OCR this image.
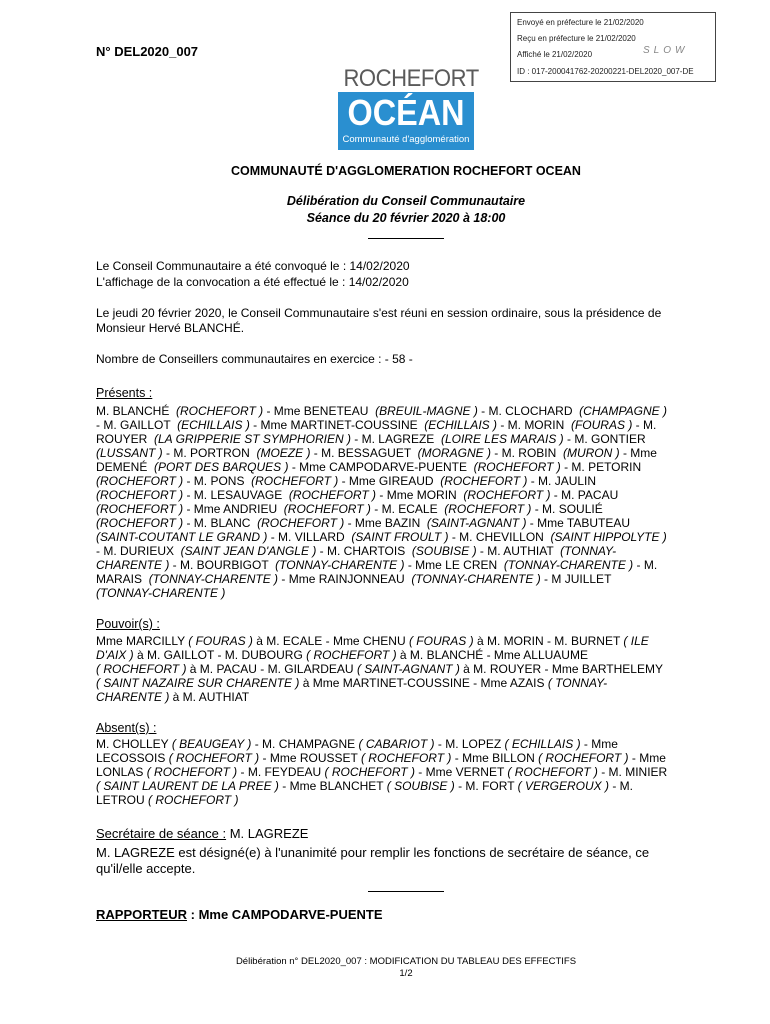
Envoyé en préfecture le 21/02/2020
Reçu en préfecture le 21/02/2020
Affiché le 21/02/2020
ID : 017-200041762-20200221-DEL2020_007-DE
SLOW
N° DEL2020_007
ROCHEFORT
OCÉAN
Communauté d'agglomération
COMMUNAUTÉ D'AGGLOMERATION ROCHEFORT OCEAN
Délibération du Conseil Communautaire
Séance du 20 février 2020 à 18:00
Le Conseil Communautaire a été convoqué le : 14/02/2020
L'affichage de la convocation a été effectué le : 14/02/2020
Le jeudi 20 février 2020, le Conseil Communautaire s'est réuni en session ordinaire, sous la présidence de
Monsieur Hervé BLANCHÉ.
Nombre de Conseillers communautaires en exercice : - 58 -
Présents :
M. BLANCHÉ  (ROCHEFORT ) - Mme BENETEAU  (BREUIL-MAGNE ) - M. CLOCHARD  (CHAMPAGNE )
- M. GAILLOT  (ECHILLAIS ) - Mme MARTINET-COUSSINE  (ECHILLAIS ) - M. MORIN  (FOURAS ) - M.
ROUYER  (LA GRIPPERIE ST SYMPHORIEN ) - M. LAGREZE  (LOIRE LES MARAIS ) - M. GONTIER
(LUSSANT ) - M. PORTRON  (MOEZE ) - M. BESSAGUET  (MORAGNE ) - M. ROBIN  (MURON ) - Mme
DEMENÉ  (PORT DES BARQUES ) - Mme CAMPODARVE-PUENTE  (ROCHEFORT ) - M. PETORIN
(ROCHEFORT ) - M. PONS  (ROCHEFORT ) - Mme GIREAUD  (ROCHEFORT ) - M. JAULIN
(ROCHEFORT ) - M. LESAUVAGE  (ROCHEFORT ) - Mme MORIN  (ROCHEFORT ) - M. PACAU
(ROCHEFORT ) - Mme ANDRIEU  (ROCHEFORT ) - M. ECALE  (ROCHEFORT ) - M. SOULIÉ
(ROCHEFORT ) - M. BLANC  (ROCHEFORT ) - Mme BAZIN  (SAINT-AGNANT ) - Mme TABUTEAU
(SAINT-COUTANT LE GRAND ) - M. VILLARD  (SAINT FROULT ) - M. CHEVILLON  (SAINT HIPPOLYTE )
- M. DURIEUX  (SAINT JEAN D'ANGLE ) - M. CHARTOIS  (SOUBISE ) - M. AUTHIAT  (TONNAY-
CHARENTE ) - M. BOURBIGOT  (TONNAY-CHARENTE ) - Mme LE CREN  (TONNAY-CHARENTE ) - M.
MARAIS  (TONNAY-CHARENTE ) - Mme RAINJONNEAU  (TONNAY-CHARENTE ) - M JUILLET
(TONNAY-CHARENTE )
Pouvoir(s) :
Mme MARCILLY ( FOURAS ) à M. ECALE - Mme CHENU ( FOURAS ) à M. MORIN - M. BURNET ( ILE
D'AIX ) à M. GAILLOT - M. DUBOURG ( ROCHEFORT ) à M. BLANCHÉ - Mme ALLUAUME
( ROCHEFORT ) à M. PACAU - M. GILARDEAU ( SAINT-AGNANT ) à M. ROUYER - Mme BARTHELEMY
( SAINT NAZAIRE SUR CHARENTE ) à Mme MARTINET-COUSSINE - Mme AZAIS ( TONNAY-
CHARENTE ) à M. AUTHIAT
Absent(s) :
M. CHOLLEY ( BEAUGEAY ) - M. CHAMPAGNE ( CABARIOT ) - M. LOPEZ ( ECHILLAIS ) - Mme
LECOSSOIS ( ROCHEFORT ) - Mme ROUSSET ( ROCHEFORT ) - Mme BILLON ( ROCHEFORT ) - Mme
LONLAS ( ROCHEFORT ) - M. FEYDEAU ( ROCHEFORT ) - Mme VERNET ( ROCHEFORT ) - M. MINIER
( SAINT LAURENT DE LA PREE ) - Mme BLANCHET ( SOUBISE ) - M. FORT ( VERGEROUX ) - M.
LETROU ( ROCHEFORT )
Secrétaire de séance : M. LAGREZE
M. LAGREZE est désigné(e) à l'unanimité pour remplir les fonctions de secrétaire de séance, ce
qu'il/elle accepte.
RAPPORTEUR : Mme CAMPODARVE-PUENTE
Délibération n° DEL2020_007 : MODIFICATION DU TABLEAU DES EFFECTIFS
1/2
